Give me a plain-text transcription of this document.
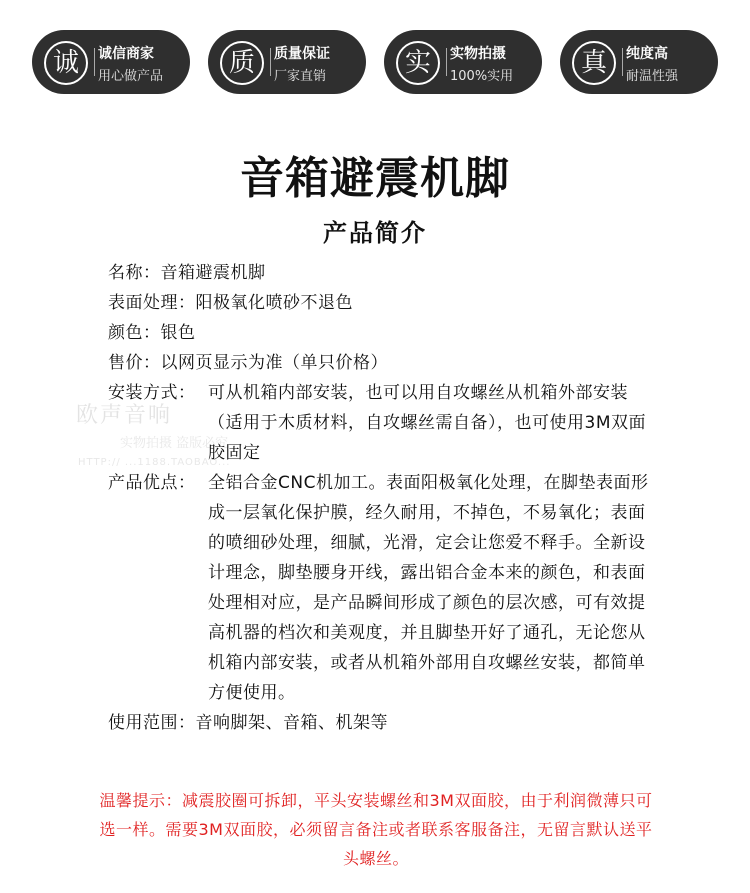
诚	诚信商家
用心做产品	质	质量保证
厂家直销	实	实物拍摄
100%实用	真	纯度高
耐温性强
音箱避震机脚
产品简介
欧声音响
实物拍摄 盗版必究
HTTP:// ...1188.TAOBAO...
名称： 音箱避震机脚
表面处理： 阳极氧化喷砂不退色
颜色： 银色
售价： 以网页显示为准（单只价格）
安装方式： 可从机箱内部安装，也可以用自攻螺丝从机箱外部安装（适用于木质材料，自攻螺丝需自备），也可使用3M双面胶固定
产品优点： 全铝合金CNC机加工。表面阳极氧化处理，在脚垫表面形成一层氧化保护膜，经久耐用，不掉色，不易氧化；表面的喷细砂处理，细腻，光滑，定会让您爱不释手。全新设计理念，脚垫腰身开线，露出铝合金本来的颜色，和表面处理相对应，是产品瞬间形成了颜色的层次感，可有效提高机器的档次和美观度，并且脚垫开好了通孔，无论您从机箱内部安装，或者从机箱外部用自攻螺丝安装，都简单方便使用。
使用范围： 音响脚架、音箱、机架等
温馨提示：减震胶圈可拆卸，平头安装螺丝和3M双面胶，由于利润微薄只可选一样。需要3M双面胶，必须留言备注或者联系客服备注，无留言默认送平头螺丝。
